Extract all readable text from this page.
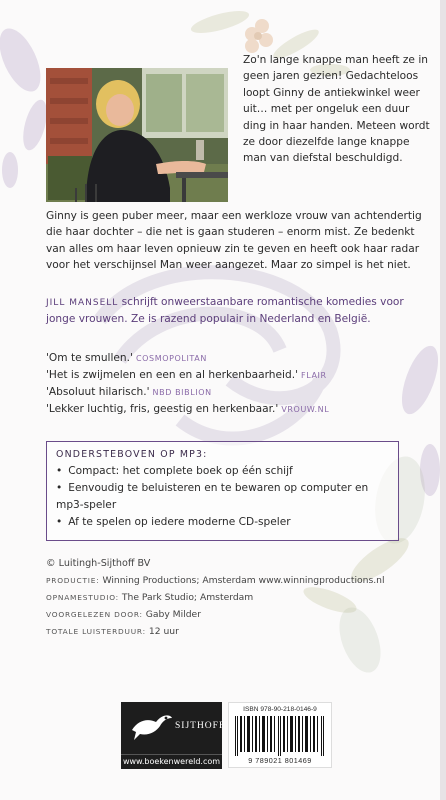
Zo'n lange knappe man heeft ze in geen jaren gezien! Gedachteloos loopt Ginny de antiekwinkel weer uit… met per ongeluk een duur ding in haar handen. Meteen wordt ze door diezelfde lange knappe man van diefstal beschuldigd.

Ginny is geen puber meer, maar een werkloze vrouw van achtendertig die haar dochter – die net is gaan studeren – enorm mist. Ze bedenkt van alles om haar leven opnieuw zin te geven en heeft ook haar radar voor het verschijnsel Man weer aangezet. Maar zo simpel is het niet.

JILL MANSELL schrijft onweerstaanbare romantische komedies voor jonge vrouwen. Ze is razend populair in Nederland en België.
'Om te smullen.' COSMOPOLITAN
'Het is zwijmelen en een en al herkenbaarheid.' FLAIR
'Absoluut hilarisch.' NBD BIBLION
'Lekker luchtig, fris, geestig en herkenbaar.' VROUW.NL
ONDERSTEBOVEN OP MP3:
• Compact: het complete boek op één schijf
• Eenvoudig te beluisteren en te bewaren op computer en mp3-speler
• Af te spelen op iedere moderne CD-speler
© Luitingh-Sijthoff BV
PRODUCTIE: Winning Productions; Amsterdam www.winningproductions.nl
OPNAMESTUDIO: The Park Studio; Amsterdam
VOORGELEZEN DOOR: Gaby Milder
TOTALE LUISTERDUUR: 12 uur
SIJTHOFF
www.boekenwereld.com
ISBN 978-90-218-0146-9
9 789021 801469
